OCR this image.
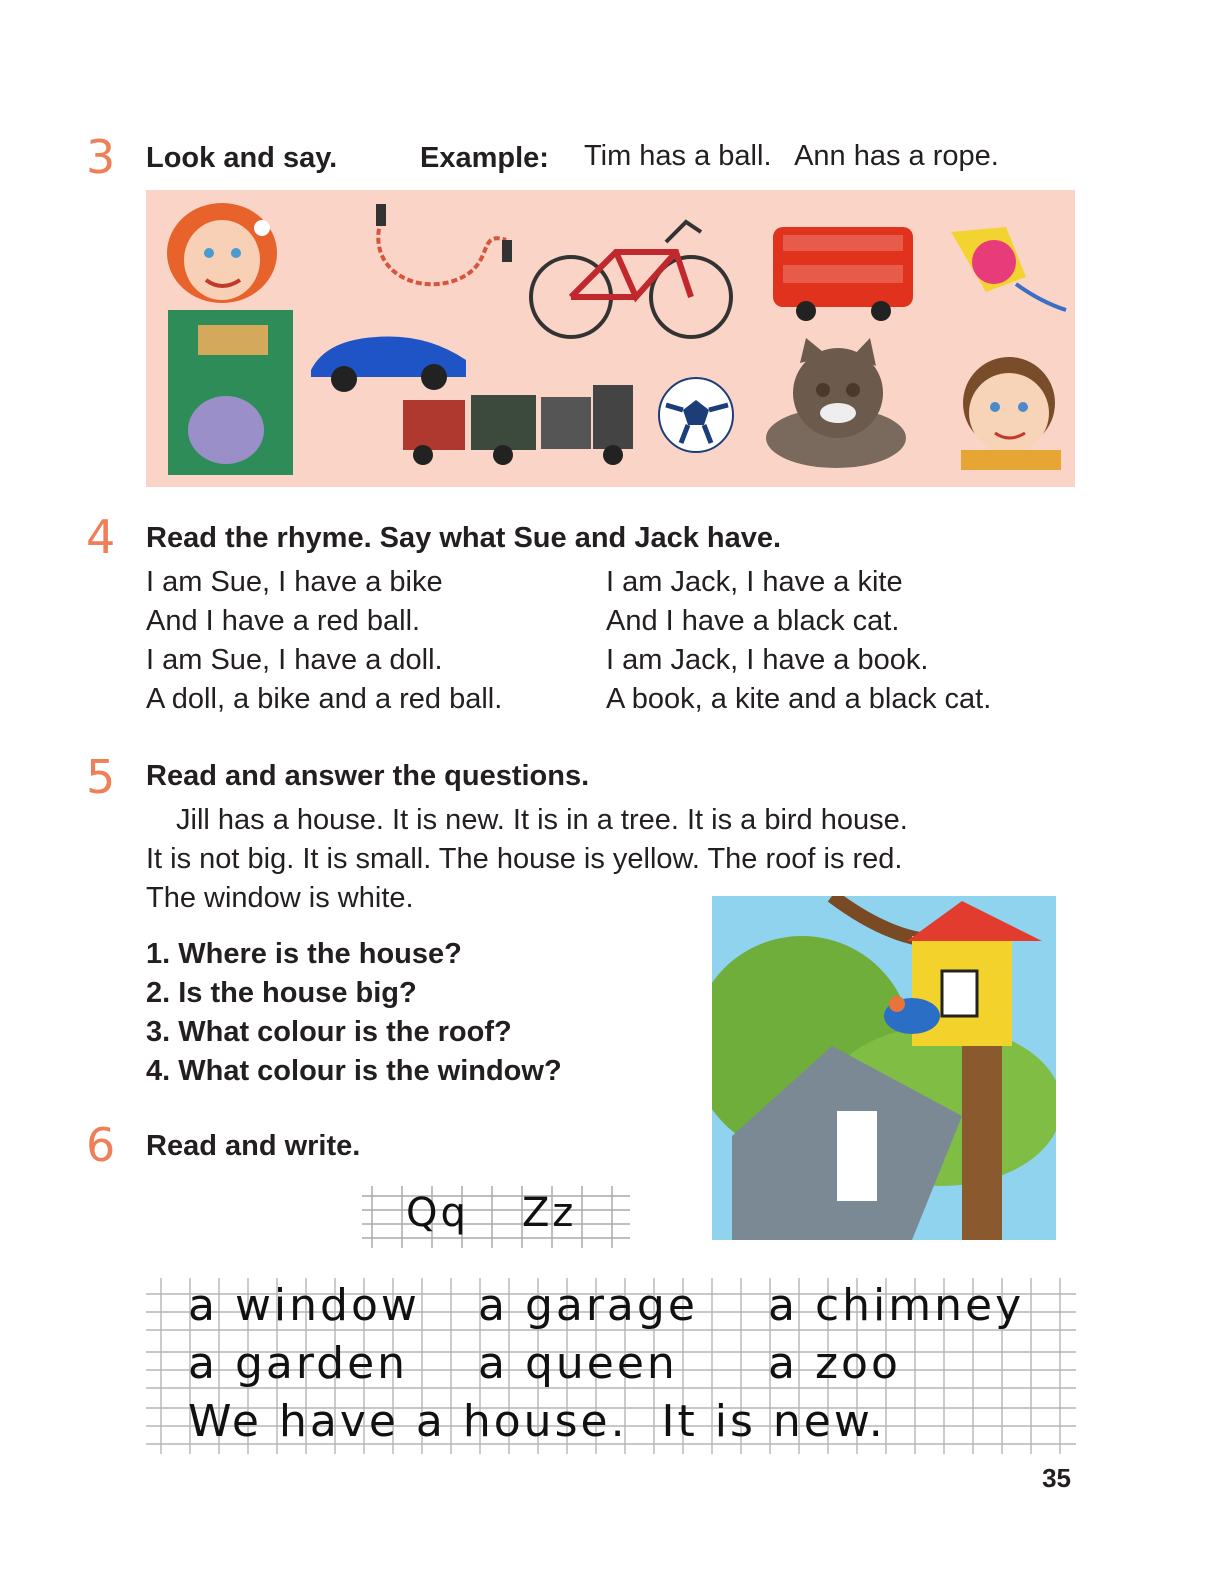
3 Look and say.	Example: Tim has a ball.   Ann has a rope.
4 Read the rhyme. Say what Sue and Jack have.
I am Sue, I have a bike
And I have a red ball.
I am Sue, I have a doll.
A doll, a bike and a red ball.
I am Jack, I have a kite
And I have a black cat.
I am Jack, I have a book.
A book, a kite and a black cat.
5 Read and answer the questions.
Jill has a house. It is new. It is in a tree. It is a bird house.
It is not big. It is small. The house is yellow. The roof is red.
The window is white.
1. Where is the house?
2. Is the house big?
3. What colour is the roof?
4. What colour is the window?
6 Read and write.
Qq Zz
a window a garage a chimney
a garden a queen a zoo
We have a house.  It is new.
35
